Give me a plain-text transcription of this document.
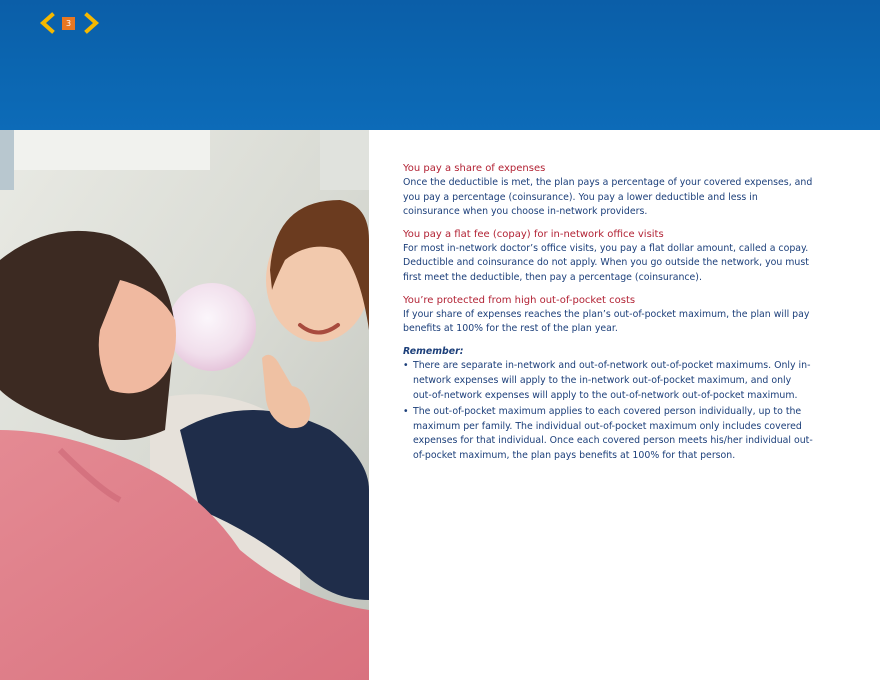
3
You pay a share of expenses
Once the deductible is met, the plan pays a percentage of your covered expenses, and you pay a percentage (coinsurance). You pay a lower deductible and less in coinsurance when you choose in-network providers.
You pay a flat fee (copay) for in-network office visits
For most in-network doctor’s office visits, you pay a flat dollar amount, called a copay. Deductible and coinsurance do not apply. When you go outside the network, you must first meet the deductible, then pay a percentage (coinsurance).
You’re protected from high out-of-pocket costs
If your share of expenses reaches the plan’s out-of-pocket maximum, the plan will pay benefits at 100% for the rest of the plan year.
Remember:
• There are separate in-network and out-of-network out-of-pocket maximums. Only in-network expenses will apply to the in-network out-of-pocket maximum, and only out-of-network expenses will apply to the out-of-network out-of-pocket maximum.
• The out-of-pocket maximum applies to each covered person individually, up to the maximum per family. The individual out-of-pocket maximum only includes covered expenses for that individual. Once each covered person meets his/her individual out-of-pocket maximum, the plan pays benefits at 100% for that person.
